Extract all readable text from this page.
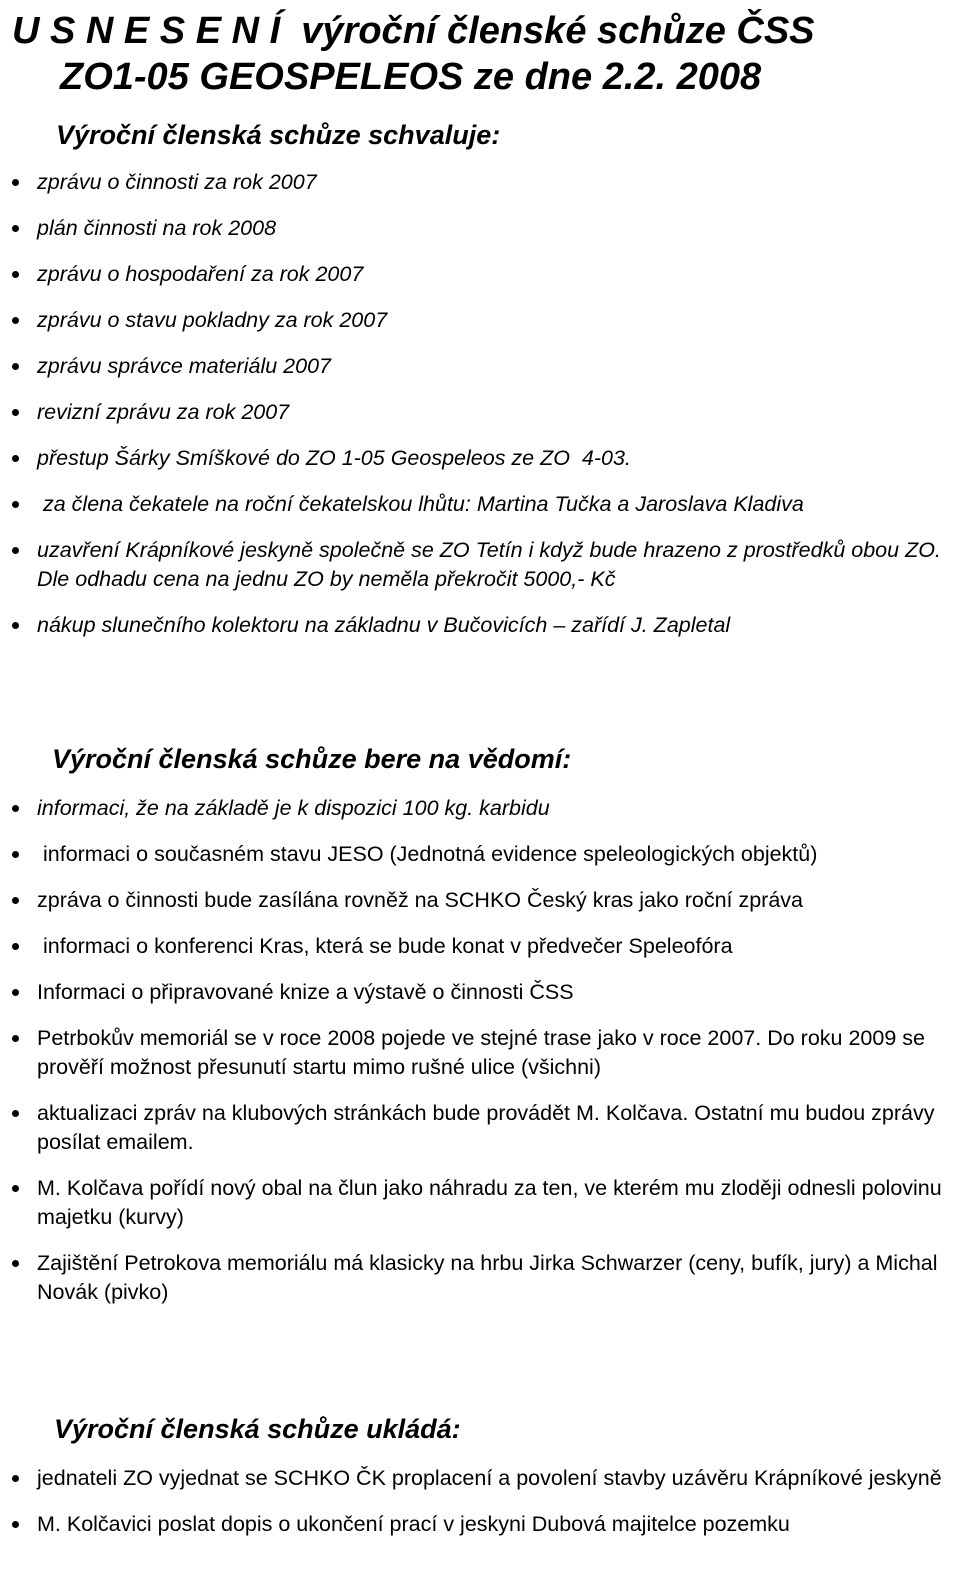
U S N E S E N Í  výroční členské schůze ČSS
ZO1-05 GEOSPELEOS ze dne 2.2. 2008
Výroční členská schůze schvaluje:
zprávu o činnosti za rok 2007
plán činnosti na rok 2008
zprávu o hospodaření za rok 2007
zprávu o stavu pokladny za rok 2007
zprávu správce materiálu 2007
revizní zprávu za rok 2007
přestup Šárky Smíškové do ZO 1-05 Geospeleos ze ZO  4-03.
za člena čekatele na roční čekatelskou lhůtu: Martina Tučka a Jaroslava Kladiva
uzavření Krápníkové jeskyně společně se ZO Tetín i když bude hrazeno z prostředků obou ZO. Dle odhadu cena na jednu ZO by neměla překročit 5000,- Kč
nákup slunečního kolektoru na základnu v Bučovicích – zařídí J. Zapletal
Výroční členská schůze bere na vědomí:
informaci, že na základě je k dispozici 100 kg. karbidu
informaci o současném stavu JESO (Jednotná evidence speleologických objektů)
zpráva o činnosti bude zasílána rovněž na SCHKO Český kras jako roční zpráva
informaci o konferenci Kras, která se bude konat v předvečer Speleofóra
Informaci o připravované knize a výstavě o činnosti ČSS
Petrbokův memoriál se v roce 2008 pojede ve stejné trase jako v roce 2007. Do roku 2009 se prověří možnost přesunutí startu mimo rušné ulice (všichni)
aktualizaci zpráv na klubových stránkách bude provádět M. Kolčava. Ostatní mu budou zprávy posílat emailem.
M. Kolčava pořídí nový obal na člun jako náhradu za ten, ve kterém mu zloději odnesli polovinu majetku (kurvy)
Zajištění Petrokova memoriálu má klasicky na hrbu Jirka Schwarzer (ceny, bufík, jury) a Michal Novák (pivko)
Výroční členská schůze ukládá:
jednateli ZO vyjednat se SCHKO ČK proplacení a povolení stavby uzávěru Krápníkové jeskyně
M. Kolčavici poslat dopis o ukončení prací v jeskyni Dubová majitelce pozemku
